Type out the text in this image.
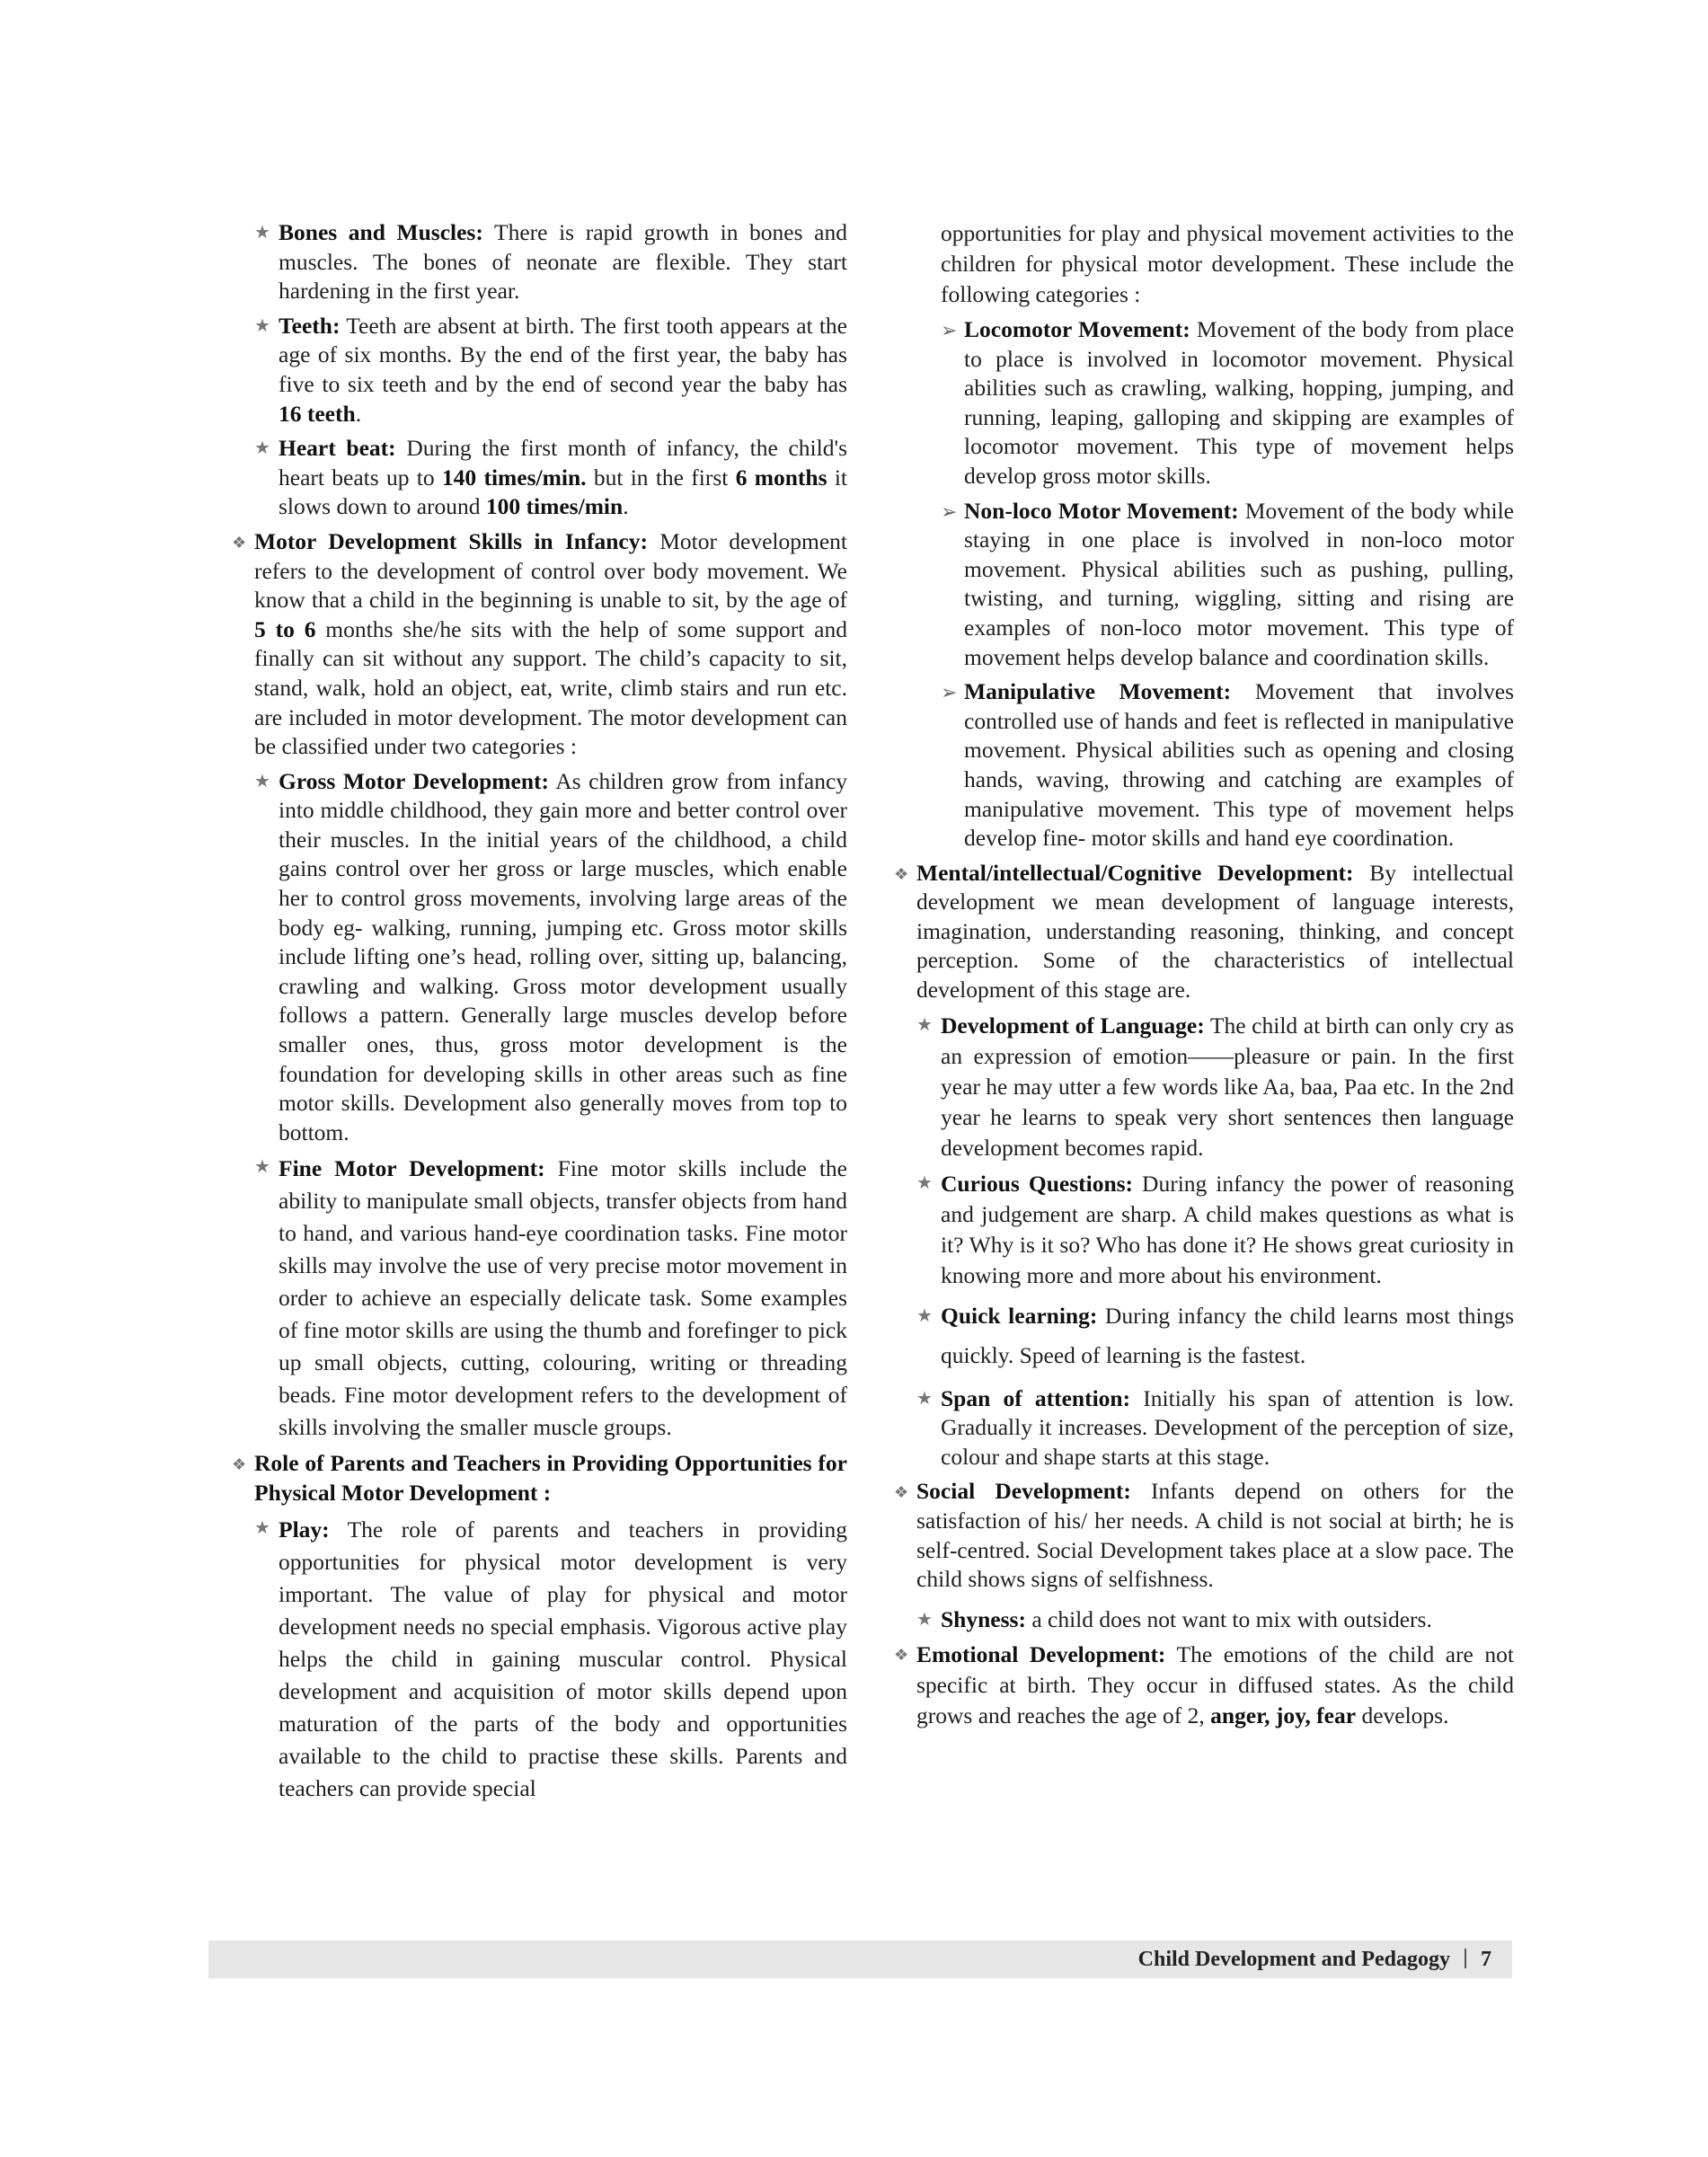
★ Bones and Muscles: There is rapid growth in bones and muscles. The bones of neonate are flexible. They start hardening in the first year.

★ Teeth: Teeth are absent at birth. The first tooth appears at the age of six months. By the end of the first year, the baby has five to six teeth and by the end of second year the baby has 16 teeth.

★ Heart beat: During the first month of infancy, the child's heart beats up to 140 times/min. but in the first 6 months it slows down to around 100 times/min.

❖ Motor Development Skills in Infancy: Motor development refers to the development of control over body movement. We know that a child in the beginning is unable to sit, by the age of 5 to 6 months she/he sits with the help of some support and finally can sit without any support. The child’s capacity to sit, stand, walk, hold an object, eat, write, climb stairs and run etc. are included in motor development. The motor development can be classified under two categories :

★ Gross Motor Development: As children grow from infancy into middle childhood, they gain more and better control over their muscles. In the initial years of the childhood, a child gains control over her gross or large muscles, which enable her to control gross movements, involving large areas of the body eg- walking, running, jumping etc. Gross motor skills include lifting one’s head, rolling over, sitting up, balancing, crawling and walking. Gross motor development usually follows a pattern. Generally large muscles develop before smaller ones, thus, gross motor development is the foundation for developing skills in other areas such as fine motor skills. Development also generally moves from top to bottom.

★ Fine Motor Development: Fine motor skills include the ability to manipulate small objects, transfer objects from hand to hand, and various hand-eye coordination tasks. Fine motor skills may involve the use of very precise motor movement in order to achieve an especially delicate task. Some examples of fine motor skills are using the thumb and forefinger to pick up small objects, cutting, colouring, writing or threading beads. Fine motor development refers to the development of skills involving the smaller muscle groups.

❖ Role of Parents and Teachers in Providing Opportunities for Physical Motor Development :

★ Play: The role of parents and teachers in providing opportunities for physical motor development is very important. The value of play for physical and motor development needs no special emphasis. Vigorous active play helps the child in gaining muscular control. Physical development and acquisition of motor skills depend upon maturation of the parts of the body and opportunities available to the child to practise these skills. Parents and teachers can provide special

opportunities for play and physical movement activities to the children for physical motor development. These include the following categories :

➢ Locomotor Movement: Movement of the body from place to place is involved in locomotor movement. Physical abilities such as crawling, walking, hopping, jumping, and running, leaping, galloping and skipping are examples of locomotor movement. This type of movement helps develop gross motor skills.

➢ Non-loco Motor Movement: Movement of the body while staying in one place is involved in non-loco motor movement. Physical abilities such as pushing, pulling, twisting, and turning, wiggling, sitting and rising are examples of non-loco motor movement. This type of movement helps develop balance and coordination skills.

➢ Manipulative Movement: Movement that involves controlled use of hands and feet is reflected in manipulative movement. Physical abilities such as opening and closing hands, waving, throwing and catching are examples of manipulative movement. This type of movement helps develop fine- motor skills and hand eye coordination.

❖ Mental/intellectual/Cognitive Development: By intellectual development we mean development of language interests, imagination, understanding reasoning, thinking, and concept perception. Some of the characteristics of intellectual development of this stage are.

★ Development of Language: The child at birth can only cry as an expression of emotion——pleasure or pain. In the first year he may utter a few words like Aa, baa, Paa etc. In the 2nd year he learns to speak very short sentences then language development becomes rapid.

★ Curious Questions: During infancy the power of reasoning and judgement are sharp. A child makes questions as what is it? Why is it so? Who has done it? He shows great curiosity in knowing more and more about his environment.

★ Quick learning: During infancy the child learns most things quickly. Speed of learning is the fastest.

★ Span of attention: Initially his span of attention is low. Gradually it increases. Development of the perception of size, colour and shape starts at this stage.

❖ Social Development: Infants depend on others for the satisfaction of his/ her needs. A child is not social at birth; he is self-centred. Social Development takes place at a slow pace. The child shows signs of selfishness.

★ Shyness: a child does not want to mix with outsiders.

❖ Emotional Development: The emotions of the child are not specific at birth. They occur in diffused states. As the child grows and reaches the age of 2, anger, joy, fear develops.

Child Development and Pedagogy 7
